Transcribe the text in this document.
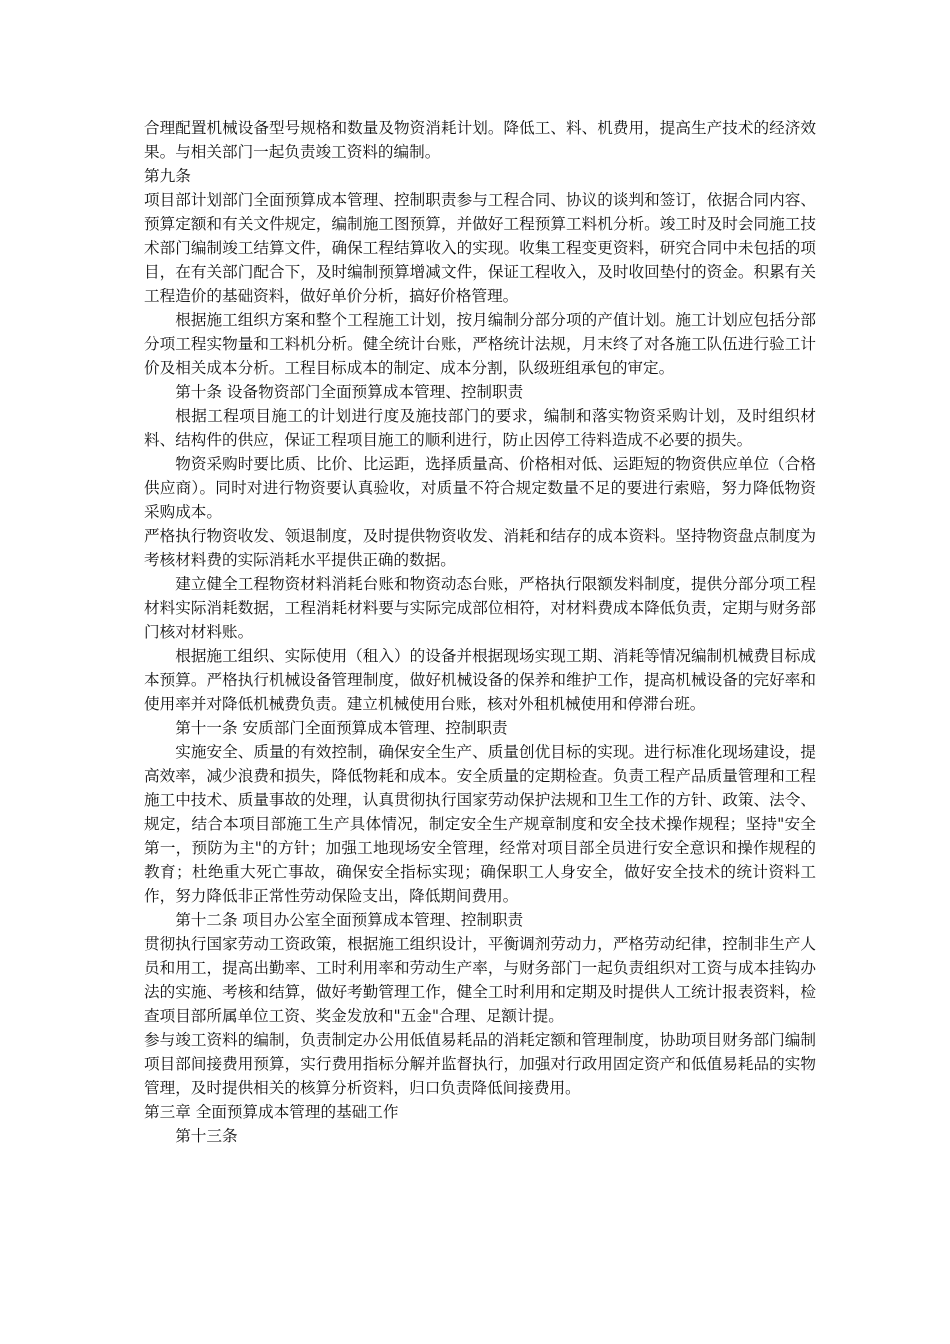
合理配置机械设备型号规格和数量及物资消耗计划。降低工、料、机费用，提高生产技术的经济效果。与相关部门一起负责竣工资料的编制。

第九条

项目部计划部门全面预算成本管理、控制职责参与工程合同、协议的谈判和签订，依据合同内容、预算定额和有关文件规定，编制施工图预算，并做好工程预算工料机分析。竣工时及时会同施工技术部门编制竣工结算文件，确保工程结算收入的实现。收集工程变更资料，研究合同中未包括的项目，在有关部门配合下，及时编制预算增减文件，保证工程收入，及时收回垫付的资金。积累有关工程造价的基础资料，做好单价分析，搞好价格管理。

根据施工组织方案和整个工程施工计划，按月编制分部分项的产值计划。施工计划应包括分部分项工程实物量和工料机分析。健全统计台账，严格统计法规，月末终了对各施工队伍进行验工计价及相关成本分析。工程目标成本的制定、成本分割，队级班组承包的审定。

第十条 设备物资部门全面预算成本管理、控制职责

根据工程项目施工的计划进行度及施技部门的要求，编制和落实物资采购计划，及时组织材料、结构件的供应，保证工程项目施工的顺利进行，防止因停工待料造成不必要的损失。

物资采购时要比质、比价、比运距，选择质量高、价格相对低、运距短的物资供应单位（合格供应商）。同时对进行物资要认真验收，对质量不符合规定数量不足的要进行索赔，努力降低物资采购成本。

严格执行物资收发、领退制度，及时提供物资收发、消耗和结存的成本资料。坚持物资盘点制度为考核材料费的实际消耗水平提供正确的数据。

建立健全工程物资材料消耗台账和物资动态台账，严格执行限额发料制度，提供分部分项工程材料实际消耗数据，工程消耗材料要与实际完成部位相符，对材料费成本降低负责，定期与财务部门核对材料账。

根据施工组织、实际使用（租入）的设备并根据现场实现工期、消耗等情况编制机械费目标成本预算。严格执行机械设备管理制度，做好机械设备的保养和维护工作，提高机械设备的完好率和使用率并对降低机械费负责。建立机械使用台账，核对外租机械使用和停滞台班。

第十一条 安质部门全面预算成本管理、控制职责

实施安全、质量的有效控制，确保安全生产、质量创优目标的实现。进行标准化现场建设，提高效率，减少浪费和损失，降低物耗和成本。安全质量的定期检查。负责工程产品质量管理和工程施工中技术、质量事故的处理，认真贯彻执行国家劳动保护法规和卫生工作的方针、政策、法令、规定，结合本项目部施工生产具体情况，制定安全生产规章制度和安全技术操作规程；坚持"安全第一，预防为主"的方针；加强工地现场安全管理，经常对项目部全员进行安全意识和操作规程的教育；杜绝重大死亡事故，确保安全指标实现；确保职工人身安全，做好安全技术的统计资料工作，努力降低非正常性劳动保险支出，降低期间费用。

第十二条 项目办公室全面预算成本管理、控制职责

贯彻执行国家劳动工资政策，根据施工组织设计，平衡调剂劳动力，严格劳动纪律，控制非生产人员和用工，提高出勤率、工时利用率和劳动生产率，与财务部门一起负责组织对工资与成本挂钩办法的实施、考核和结算，做好考勤管理工作，健全工时利用和定期及时提供人工统计报表资料，检查项目部所属单位工资、奖金发放和"五金"合理、足额计提。

参与竣工资料的编制，负责制定办公用低值易耗品的消耗定额和管理制度，协助项目财务部门编制项目部间接费用预算，实行费用指标分解并监督执行，加强对行政用固定资产和低值易耗品的实物管理，及时提供相关的核算分析资料，归口负责降低间接费用。

第三章 全面预算成本管理的基础工作

第十三条
